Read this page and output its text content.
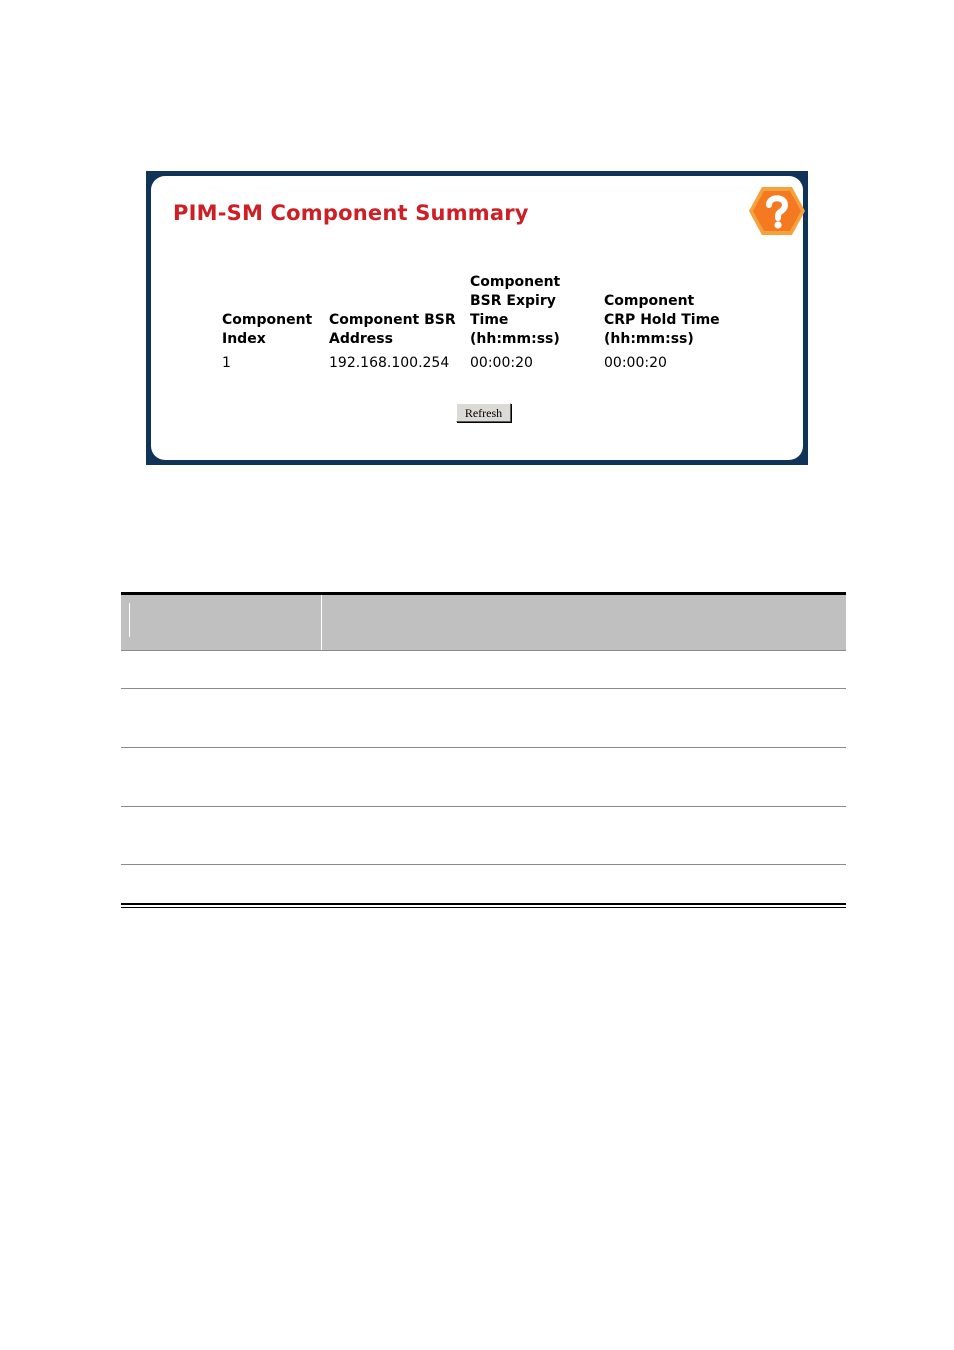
PIM-SM Component Summary
Component
Index
Component BSR
Address
Component
BSR Expiry
Time
(hh:mm:ss)
Component
CRP Hold Time
(hh:mm:ss)
1	192.168.100.254 00:00:20	00:00:20
Refresh
